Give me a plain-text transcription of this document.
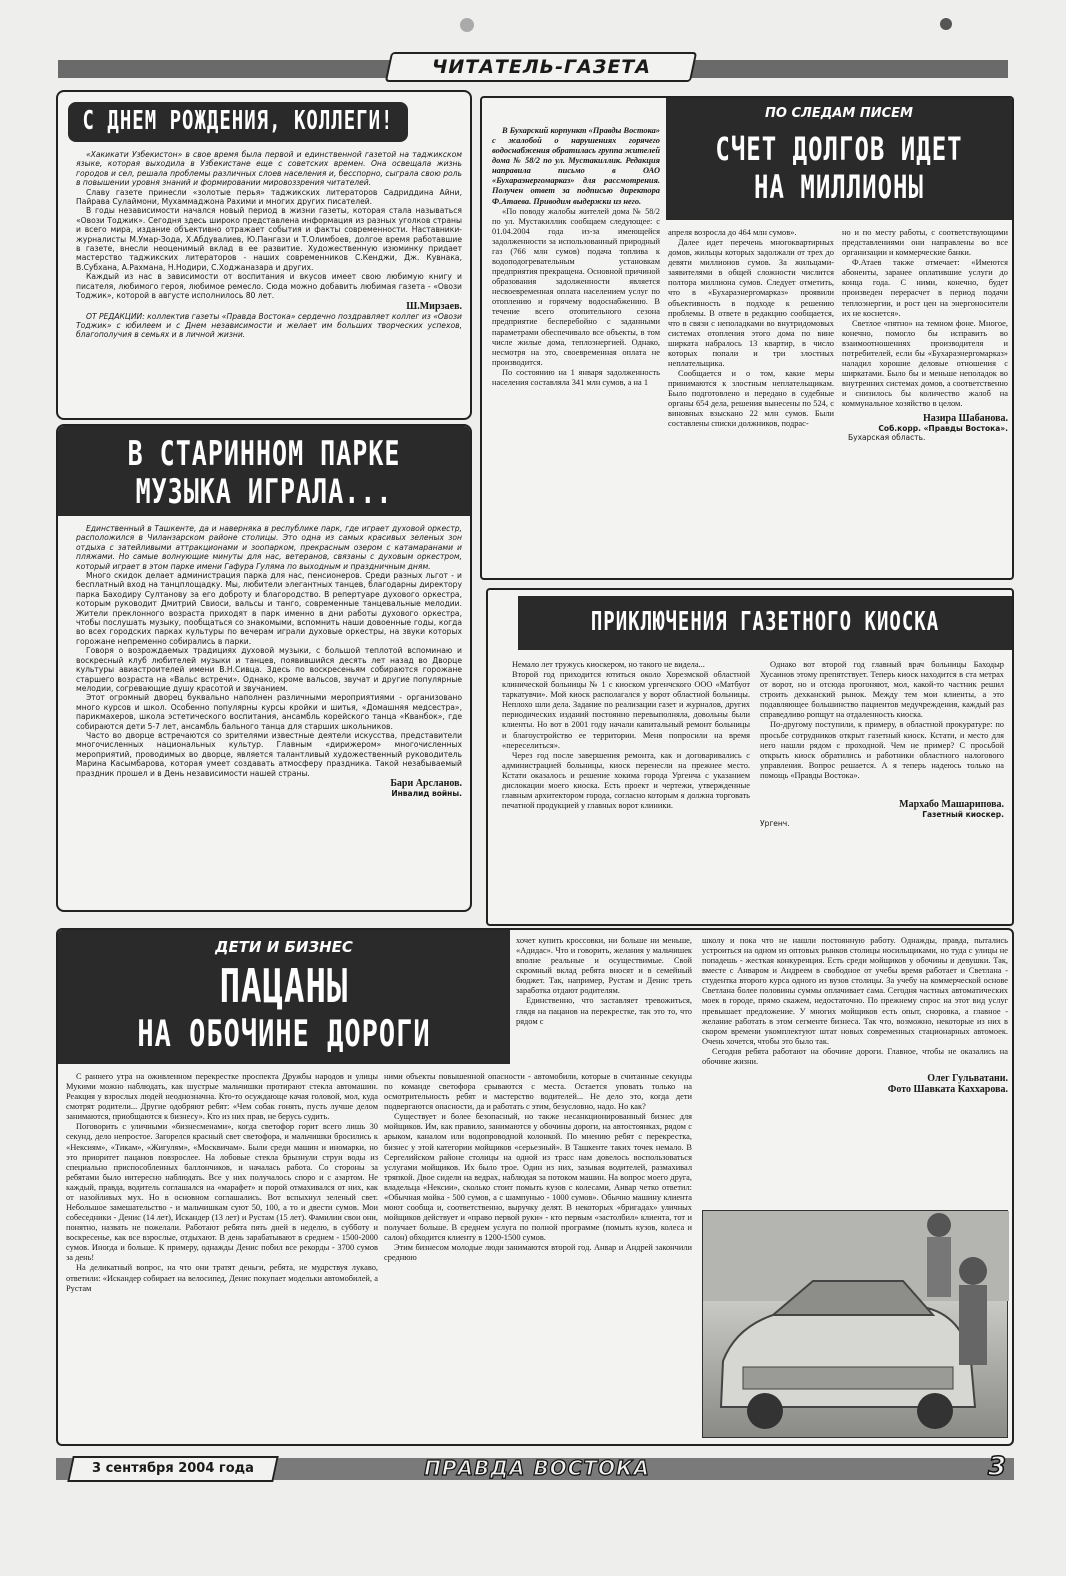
ЧИТАТЕЛЬ-ГАЗЕТА
С ДНЕМ РОЖДЕНИЯ, КОЛЛЕГИ!

«Хакикати Узбекистон» в свое время была первой и единственной газетой на таджикском языке, которая выходила в Узбекистане еще с советских времен. Она освещала жизнь городов и сел, решала проблемы различных слоев населения и, бесспорно, сыграла свою роль в повышении уровня знаний и формировании мировоззрения читателей.

Славу газете принесли «золотые перья» таджикских литераторов Садриддина Айни, Пайрава Сулаймони, Мухаммаджона Рахими и многих других писателей.

В годы независимости начался новый период в жизни газеты, которая стала называться «Овози Тоджик». Сегодня здесь широко представлена информация из разных уголков страны и всего мира, издание объективно отражает события и факты современности. Наставники-журналисты М.Умар-Зода, Х.Абдувалиев, Ю.Пангази и Т.Олимбоев, долгое время работавшие в газете, внесли неоценимый вклад в ее развитие. Художественную изюминку придает мастерство таджикских литераторов - наших современников С.Кенджи, Дж. Кувнака, В.Субхана, А.Рахмана, Н.Нодири, С.Ходжаназара и других.

Каждый из нас в зависимости от воспитания и вкусов имеет свою любимую книгу и писателя, любимого героя, любимое ремесло. Сюда можно добавить любимая газета - «Овози Тоджик», которой в августе исполнилось 80 лет.

Ш.Мирзаев.

ОТ РЕДАКЦИИ: коллектив газеты «Правда Востока» сердечно поздравляет коллег из «Овози Тоджик» с юбилеем и с Днем независимости и желает им больших творческих успехов, благополучия в семьях и в личной жизни.

В СТАРИННОМ ПАРКЕ
МУЗЫКА ИГРАЛА...

Единственный в Ташкенте, да и наверняка в республике парк, где играет духовой оркестр, расположился в Чиланзарском районе столицы. Это одна из самых красивых зеленых зон отдыха с затейливыми аттракционами и зоопарком, прекрасным озером с катамаранами и пляжами. Но самые волнующие минуты для нас, ветеранов, связаны с духовым оркестром, который играет в этом парке имени Гафура Гуляма по выходным и праздничным дням.

Много скидок делает администрация парка для нас, пенсионеров. Среди разных льгот - и бесплатный вход на танцплощадку. Мы, любители элегантных танцев, благодарны директору парка Баходиру Султанову за его доброту и благородство. В репертуаре духового оркестра, которым руководит Дмитрий Свиоси, вальсы и танго, современные танцевальные мелодии. Жители преклонного возраста приходят в парк именно в дни работы духового оркестра, чтобы послушать музыку, пообщаться со знакомыми, вспомнить наши довоенные годы, когда во всех городских парках культуры по вечерам играли духовые оркестры, на звуки которых горожане непременно собирались в парки.

Говоря о возрождаемых традициях духовой музыки, с большой теплотой вспоминаю и воскресный клуб любителей музыки и танцев, появившийся десять лет назад во Дворце культуры авиастроителей имени В.Н.Сивца. Здесь по воскресеньям собираются горожане старшего возраста на «Вальс встречи». Однако, кроме вальсов, звучат и другие популярные мелодии, согревающие душу красотой и звучанием.

Этот огромный дворец буквально наполнен различными мероприятиями - организовано много курсов и школ. Особенно популярны курсы кройки и шитья, «Домашняя медсестра», парикмахеров, школа эстетического воспитания, ансамбль корейского танца «Кванбок», где собираются дети 5-7 лет, ансамбль бального танца для старших школьников.

Часто во дворце встречаются со зрителями известные деятели искусства, представители многочисленных национальных культур. Главным «дирижером» многочисленных мероприятий, проводимых во дворце, является талантливый художественный руководитель Марина Касымбарова, которая умеет создавать атмосферу праздника. Такой незабываемый праздник прошел и в День независимости нашей страны.

Бари Арсланов.
Инвалид войны.
ПО СЛЕДАМ ПИСЕМ
СЧЕТ ДОЛГОВ ИДЕТ
НА МИЛЛИОНЫ

В Бухарский корпункт «Правды Востока» с жалобой о нарушениях горячего водоснабжения обратилась группа жителей дома № 58/2 по ул. Мустакиллик. Редакция направила письмо в ОАО «Бухараэнергомарказ» для рассмотрения. Получен ответ за подписью директора Ф.Атаева. Приводим выдержки из него.

«По поводу жалобы жителей дома № 58/2 по ул. Мустакиллик сообщаем следующее: с 01.04.2004 года из-за имеющейся задолженности за использованный природный газ (766 млн сумов) подача топлива к водоподогревательным установкам предприятия прекращена. Основной причиной образования задолженности является несвоевременная оплата населением услуг по отоплению и горячему водоснабжению. В течение всего отопительного сезона предприятие бесперебойно с заданными параметрами обеспечивало все объекты, в том числе жилые дома, теплоэнергией. Однако, несмотря на это, своевременная оплата не производится.

По состоянию на 1 января задолженность населения составляла 341 млн сумов, а на 1

апреля возросла до 464 млн сумов».

Далее идет перечень многоквартирных домов, жильцы которых задолжали от трех до девяти миллионов сумов. За жильцами-заявителями в общей сложности числится полтора миллиона сумов. Следует отметить, что в «Бухараэнергомарказ» проявили объективность в подходе к решению проблемы. В ответе в редакцию сообщается, что в связи с неполадками во внутридомовых системах отопления этого дома по вине ширката набралось 13 квартир, в число которых попали и три злостных неплательщика.

Сообщается и о том, какие меры принимаются к злостным неплательщикам. Было подготовлено и передано в судебные органы 654 дела, решения вынесены по 524, с виновных взыскано 22 млн сумов. Были составлены списки должников, подрас-

но и по месту работы, с соответствующими представлениями они направлены во все организации и коммерческие банки.

Ф.Атаев также отмечает: «Имеются абоненты, заранее оплатившие услуги до конца года. С ними, конечно, будет произведен перерасчет в период подачи теплоэнергии, и рост цен на энергоносители их не коснется».

Светлое «пятно» на темном фоне. Многое, конечно, помогло бы исправить во взаимоотношениях производителя и потребителей, если бы «Бухараэнергомарказ» наладил хорошие деловые отношения с ширкатами. Было бы и меньше неполадок во внутренних системах домов, а соответственно и снизилось бы количество жалоб на коммунальное хозяйство в целом.

Назира Шабанова.
Соб.корр. «Правды Востока».
Бухарская область.
ПРИКЛЮЧЕНИЯ ГАЗЕТНОГО КИОСКА

Немало лет тружусь киоскером, но такого не видела...

Второй год приходится ютиться около Хорезмской областной клинической больницы № 1 с киоском ургенчского ООО «Матбуот таркатувчи». Мой киоск располагался у ворот областной больницы. Неплохо шли дела. Задание по реализации газет и журналов, других периодических изданий постоянно перевыполняла, довольны были клиенты. Но вот в 2001 году начали капитальный ремонт больницы и благоустройство ее территории. Меня попросили на время «переселиться».

Через год после завершения ремонта, как и договаривались с администрацией больницы, киоск перенесли на прежнее место. Кстати оказалось и решение хокима города Ургенча с указанием дислокации моего киоска. Есть проект и чертежи, утвержденные главным архитектором города, согласно которым я должна торговать печатной продукцией у главных ворот клиники.

Однако вот второй год главный врач больницы Баходыр Хусаинов этому препятствует. Теперь киоск находится в ста метрах от ворот, но и отсюда прогоняют, мол, какой-то частник решил строить дехканский рынок. Между тем мои клиенты, а это подавляющее большинство пациентов медучреждения, каждый раз справедливо ропщут на отдаленность киоска.

По-другому поступили, к примеру, в областной прокуратуре: по просьбе сотрудников открыт газетный киоск. Кстати, и место для него нашли рядом с проходной. Чем не пример? С просьбой открыть киоск обратились и работники областного налогового управления. Вопрос решается. А я теперь надеюсь только на помощь «Правды Востока».

Мархабо Машарипова.
Газетный киоскер.
Ургенч.
ДЕТИ И БИЗНЕС
ПАЦАНЫ
НА ОБОЧИНЕ ДОРОГИ

хочет купить кроссовки, ни больше ни меньше, «Адидас». Что и говорить, желания у мальчишек вполне реальные и осуществимые. Свой скромный вклад ребята вносят и в семейный бюджет. Так, например, Рустам и Денис треть заработка отдают родителям.

Единственно, что заставляет тревожиться, глядя на пацанов на перекрестке, так это то, что рядом с

С раннего утра на оживленном перекрестке проспекта Дружбы народов и улицы Мукими можно наблюдать, как шустрые мальчишки протирают стекла автомашин. Реакция у взрослых людей неоднозначна. Кто-то осуждающе качая головой, мол, куда смотрят родители... Другие одобряют ребят: «Чем собак гонять, пусть лучше делом занимаются, приобщаются к бизнесу». Кто из них прав, не берусь судить.

Поговорить с уличными «бизнесменами», когда светофор горит всего лишь 30 секунд, дело непростое. Загорелся красный свет светофора, и мальчишки бросились к «Нексиям», «Тикам», «Жигулям», «Москвичам». Были среди машин и иномарки, но это приоритет пацанов повзрослее. На лобовые стекла брызнули струи воды из специально приспособленных баллончиков, и началась работа. Со стороны за ребятами было интересно наблюдать. Все у них получалось споро и с азартом. Не каждый, правда, водитель соглашался на «марафет» и порой отмахивался от них, как от назойливых мух. Но в основном соглашались. Вот вспыхнул зеленый свет. Небольшое замешательство - и мальчишкам суют 50, 100, а то и двести сумов. Мои собеседники - Денис (14 лет), Искандер (13 лет) и Рустам (15 лет). Фамилии свои они, понятно, назвать не пожелали. Работают ребята пять дней в неделю, в субботу и воскресенье, как все взрослые, отдыхают. В день зарабатывают в среднем - 1500-2000 сумов. Иногда и больше. К примеру, однажды Денис побил все рекорды - 3700 сумов за день!

На деликатный вопрос, на что они тратят деньги, ребята, не мудрствуя лукаво, ответили: «Искандер собирает на велосипед, Денис покупает модельки автомобилей, а Рустам

ними объекты повышенной опасности - автомобили, которые в считанные секунды по команде светофора срываются с места. Остается уповать только на осмотрительность ребят и мастерство водителей... Не дело это, когда дети подвергаются опасности, да и работать с этим, безусловно, надо. Но как?

Существует и более безопасный, но также несанкционированный бизнес для мойщиков. Им, как правило, занимаются у обочины дороги, на автостоянках, рядом с арыком, каналом или водопроводной колонкой. По мнению ребят с перекрестка, бизнес у этой категории мойщиков «серьезный». В Ташкенте таких точек немало. В Сергелийском районе столицы на одной из трасс нам довелось воспользоваться услугами мойщиков. Их было трое. Один из них, зазывая водителей, размахивал тряпкой. Двое сидели на ведрах, наблюдая за потоком машин. На вопрос моего друга, владельца «Нексии», сколько стоит помыть кузов с колесами, Анвар четко ответил: «Обычная мойка - 500 сумов, а с шампунью - 1000 сумов». Обычно машину клиента моют сообща и, соответственно, выручку делят. В некоторых «бригадах» уличных мойщиков действует и «право первой руки» - кто первым «застолбил» клиента, тот и получает больше. В среднем услуга по полной программе (помыть кузов, колеса и салон) обходится клиенту в 1200-1500 сумов.

Этим бизнесом молодые люди занимаются второй год. Анвар и Андрей закончили среднюю

школу и пока что не нашли постоянную работу. Однажды, правда, пытались устроиться на одном из оптовых рынков столицы носильщиками, но туда с улицы не попадешь - жесткая конкуренция. Есть среди мойщиков у обочины и девушки. Так, вместе с Анваром и Андреем в свободное от учебы время работает и Светлана - студентка второго курса одного из вузов столицы. За учебу на коммерческой основе Светлана более половины суммы оплачивает сама. Сегодня частных автоматических моек в городе, прямо скажем, недостаточно. По прежнему спрос на этот вид услуг превышает предложение. У многих мойщиков есть опыт, сноровка, а главное - желание работать в этом сегменте бизнеса. Так что, возможно, некоторые из них в скором времени укомплектуют штат новых современных стационарных автомоек. Очень хочется, чтобы это было так.

Сегодня ребята работают на обочине дороги. Главное, чтобы не оказались на обочине жизни.

Олег Гульватани.
Фото Шавката Каххарова.
3 сентября 2004 года	ПРАВДА ВОСТОКА	3
